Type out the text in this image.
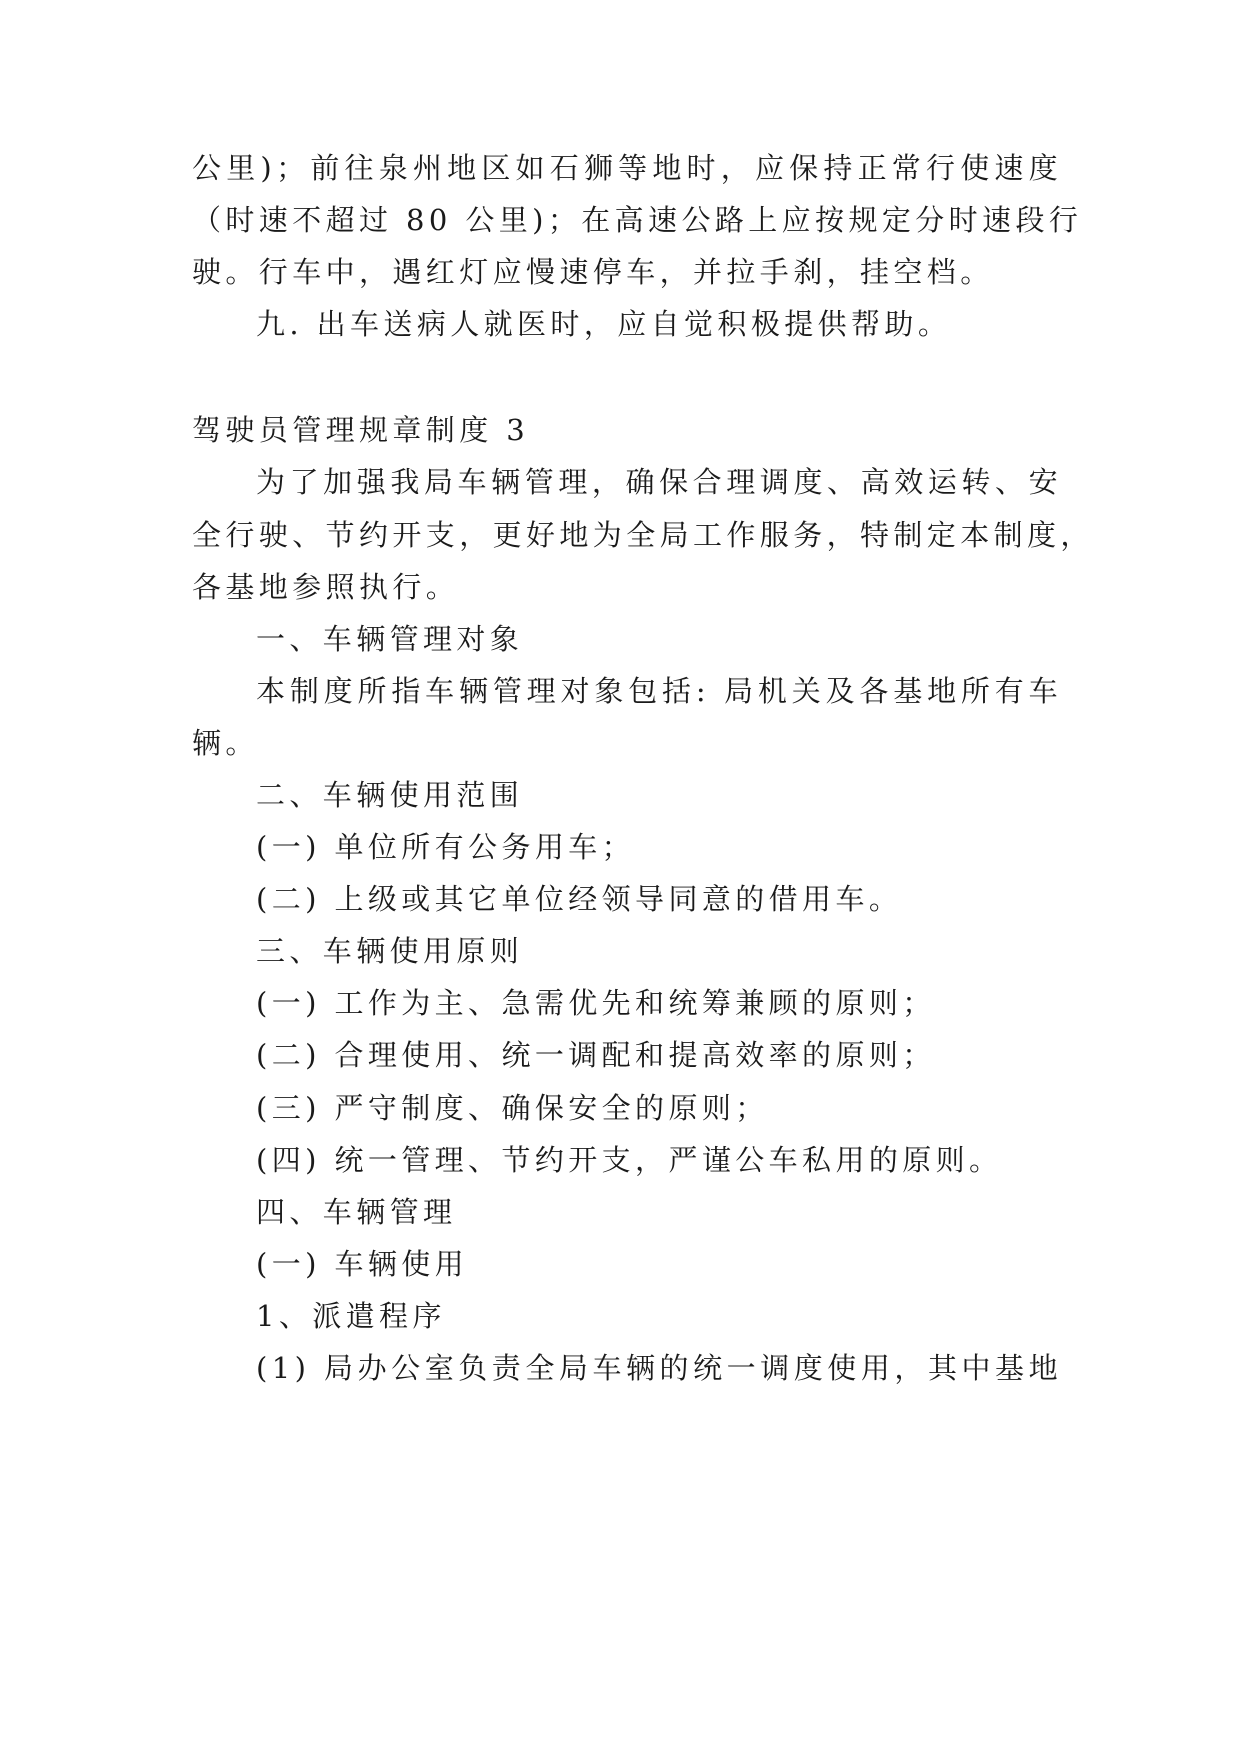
公里)；前往泉州地区如石狮等地时，应保持正常行使速度
（时速不超过 80 公里)；在高速公路上应按规定分时速段行
驶。行车中，遇红灯应慢速停车，并拉手刹，挂空档。
九. 出车送病人就医时，应自觉积极提供帮助。
驾驶员管理规章制度 3
为了加强我局车辆管理，确保合理调度、高效运转、安
全行驶、节约开支，更好地为全局工作服务，特制定本制度，
各基地参照执行。
一、车辆管理对象
本制度所指车辆管理对象包括: 局机关及各基地所有车
辆。
二、车辆使用范围
(一) 单位所有公务用车；
(二) 上级或其它单位经领导同意的借用车。
三、车辆使用原则
(一) 工作为主、急需优先和统筹兼顾的原则；
(二) 合理使用、统一调配和提高效率的原则；
(三) 严守制度、确保安全的原则；
(四) 统一管理、节约开支，严谨公车私用的原则。
四、车辆管理
(一) 车辆使用
1、派遣程序
(1) 局办公室负责全局车辆的统一调度使用，其中基地
